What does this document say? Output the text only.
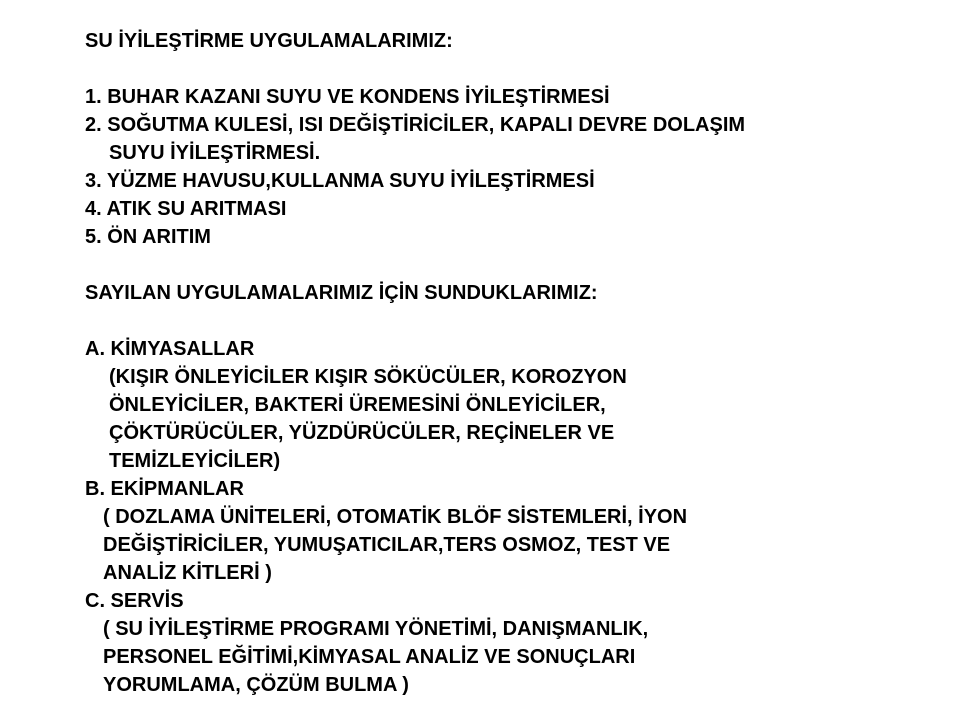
SU İYİLEŞTİRME UYGULAMALARIMIZ:
1. BUHAR KAZANI SUYU VE KONDENS İYİLEŞTİRMESİ
2. SOĞUTMA KULESİ, ISI DEĞİŞTİRİCİLER, KAPALI DEVRE DOLAŞIM
SUYU İYİLEŞTİRMESİ.
3. YÜZME HAVUSU,KULLANMA SUYU İYİLEŞTİRMESİ
4. ATIK SU ARITMASI
5. ÖN ARITIM
SAYILAN UYGULAMALARIMIZ İÇİN SUNDUKLARIMIZ:
A. KİMYASALLAR
(KIŞIR ÖNLEYİCİLER KIŞIR SÖKÜCÜLER, KOROZYON
ÖNLEYİCİLER, BAKTERİ ÜREMESİNİ ÖNLEYİCİLER,
ÇÖKTÜRÜCÜLER, YÜZDÜRÜCÜLER, REÇİNELER VE
TEMİZLEYİCİLER)
B. EKİPMANLAR
( DOZLAMA ÜNİTELERİ, OTOMATİK BLÖF SİSTEMLERİ, İYON
DEĞİŞTİRİCİLER, YUMUŞATICILAR,TERS OSMOZ, TEST VE
ANALİZ KİTLERİ )
C. SERVİS
( SU İYİLEŞTİRME PROGRAMI YÖNETİMİ, DANIŞMANLIK,
PERSONEL EĞİTİMİ,KİMYASAL ANALİZ VE SONUÇLARI
YORUMLAMA, ÇÖZÜM BULMA )
